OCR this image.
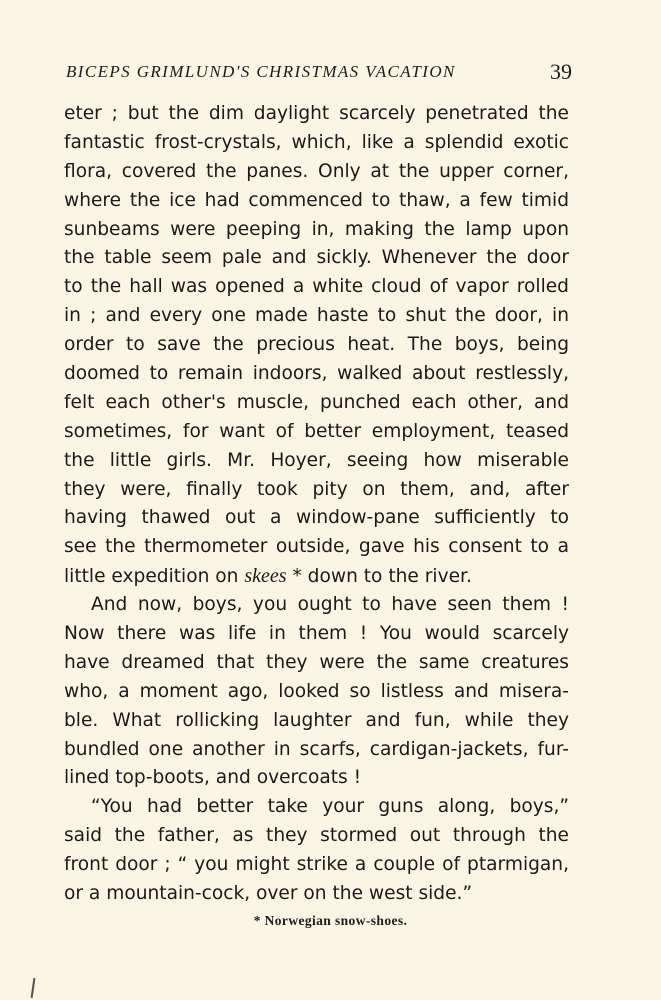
BICEPS GRIMLUND'S CHRISTMAS VACATION	39
eter ; but the dim daylight scarcely penetrated the
fantastic frost-crystals, which, like a splendid exotic
flora, covered the panes. Only at the upper corner,
where the ice had commenced to thaw, a few timid
sunbeams were peeping in, making the lamp upon
the table seem pale and sickly. Whenever the door
to the hall was opened a white cloud of vapor rolled
in ; and every one made haste to shut the door, in
order to save the precious heat. The boys, being
doomed to remain indoors, walked about restlessly,
felt each other's muscle, punched each other, and
sometimes, for want of better employment, teased
the little girls. Mr. Hoyer, seeing how miserable
they were, finally took pity on them, and, after
having thawed out a window-pane sufficiently to
see the thermometer outside, gave his consent to a
little expedition on skees * down to the river.
And now, boys, you ought to have seen them !
Now there was life in them ! You would scarcely
have dreamed that they were the same creatures
who, a moment ago, looked so listless and misera-
ble. What rollicking laughter and fun, while they
bundled one another in scarfs, cardigan-jackets, fur-
lined top-boots, and overcoats !
“You had better take your guns along, boys,”
said the father, as they stormed out through the
front door ; “ you might strike a couple of ptarmigan,
or a mountain-cock, over on the west side.”
* Norwegian snow-shoes.
